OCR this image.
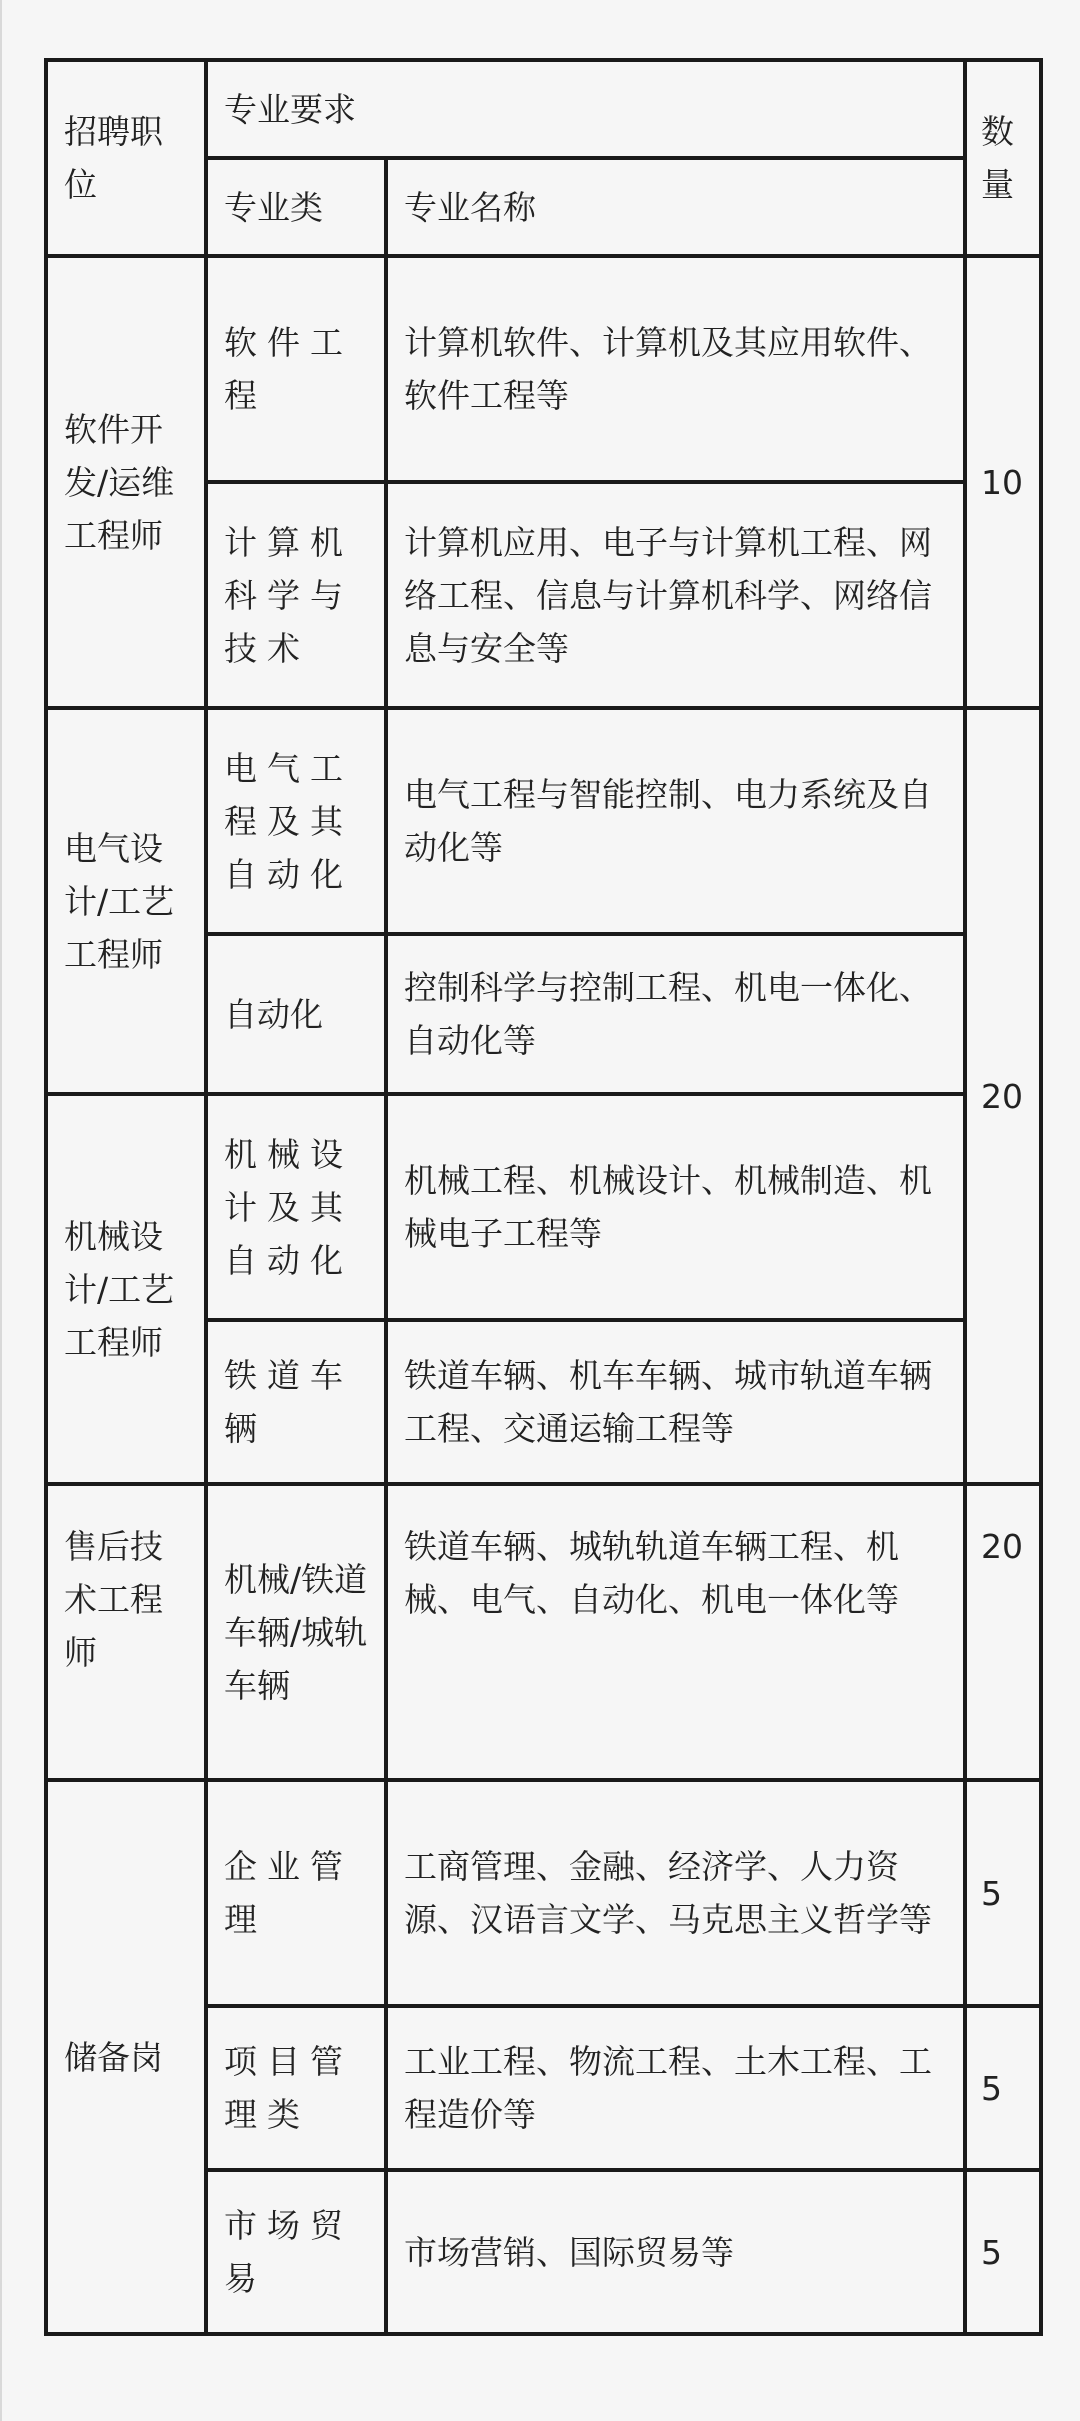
招聘职位	专业要求		数量
	专业类	专业名称	
软件开发/运维工程师	软件工程	计算机软件、计算机及其应用软件、软件工程等	10
	计算机科学与技术	计算机应用、电子与计算机工程、网络工程、信息与计算机科学、网络信息与安全等	
电气设计/工艺工程师	电气工程及其自动化	电气工程与智能控制、电力系统及自动化等	20
	自动化	控制科学与控制工程、机电一体化、自动化等	
机械设计/工艺工程师	机械设计及其自动化	机械工程、机械设计、机械制造、机械电子工程等	
	铁道车辆	铁道车辆、机车车辆、城市轨道车辆工程、交通运输工程等	
售后技术工程师	机械/铁道车辆/城轨车辆	铁道车辆、城轨轨道车辆工程、机械、电气、自动化、机电一体化等	20
储备岗	企业管理	工商管理、金融、经济学、人力资源、汉语言文学、马克思主义哲学等	5
	项目管理类	工业工程、物流工程、土木工程、工程造价等	5
	市场贸易	市场营销、国际贸易等	5
